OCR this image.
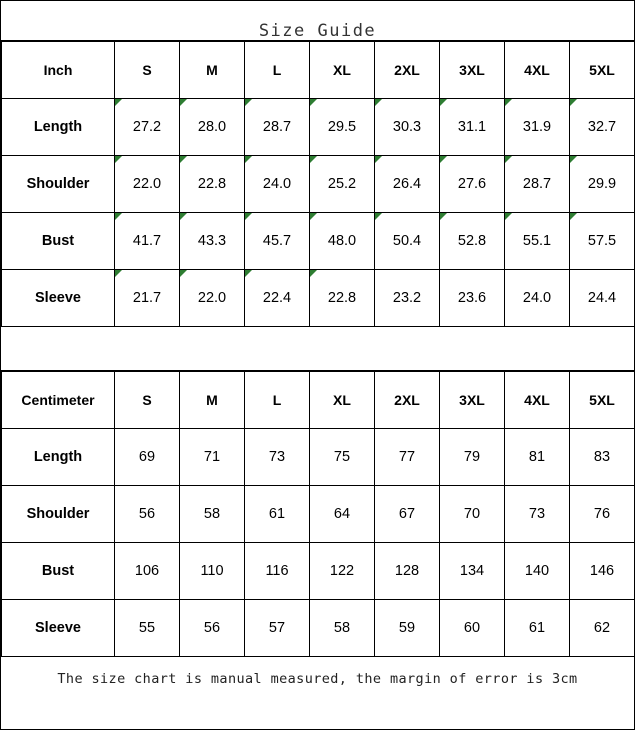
Size Guide
Inch	S	M	L	XL	2XL	3XL	4XL	5XL
Length	27.2	28.0	28.7	29.5	30.3	31.1	31.9	32.7
Shoulder	22.0	22.8	24.0	25.2	26.4	27.6	28.7	29.9
Bust	41.7	43.3	45.7	48.0	50.4	52.8	55.1	57.5
Sleeve	21.7	22.0	22.4	22.8	23.2	23.6	24.0	24.4
Centimeter	S	M	L	XL	2XL	3XL	4XL	5XL
Length	69	71	73	75	77	79	81	83
Shoulder	56	58	61	64	67	70	73	76
Bust	106	110	116	122	128	134	140	146
Sleeve	55	56	57	58	59	60	61	62
The size chart is manual measured, the margin of error is 3cm
